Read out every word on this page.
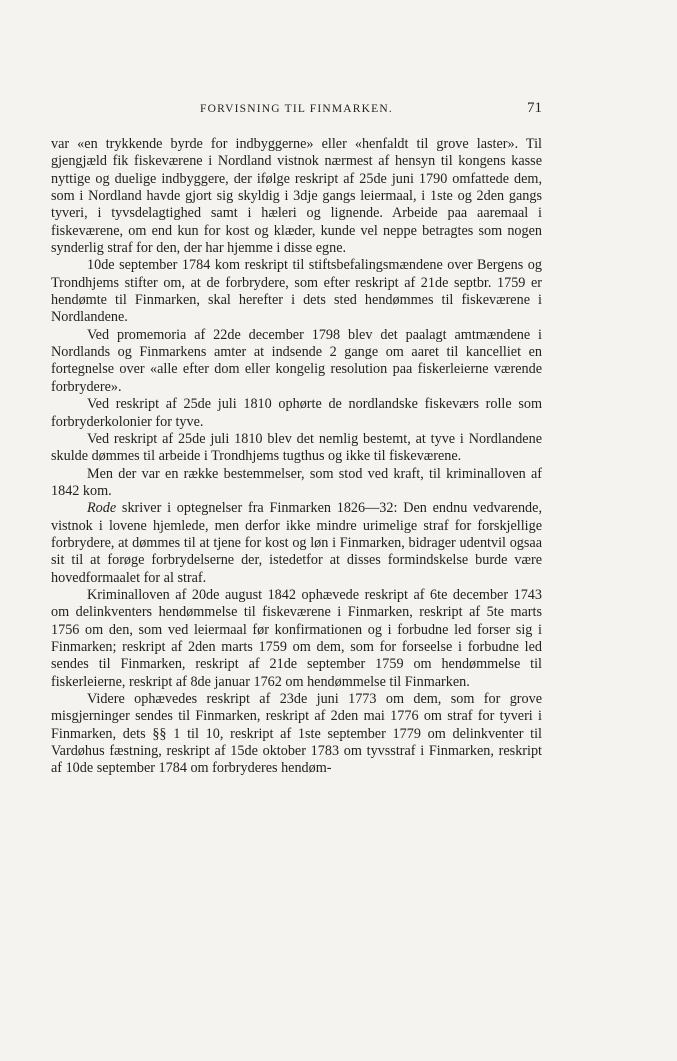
FORVISNING TIL FINMARKEN.	71

var «en trykkende byrde for indbyggerne» eller «henfaldt til grove laster». Til gjengjæld fik fiskeværene i Nordland vistnok nærmest af hensyn til kongens kasse nyttige og duelige indbyggere, der ifølge reskript af 25de juni 1790 omfattede dem, som i Nordland havde gjort sig skyldig i 3dje gangs leiermaal, i 1ste og 2den gangs tyveri, i tyvsdelagtighed samt i hæleri og lignende. Arbeide paa aaremaal i fiskeværene, om end kun for kost og klæder, kunde vel neppe betragtes som nogen synderlig straf for den, der har hjemme i disse egne.

10de september 1784 kom reskript til stiftsbefalingsmændene over Bergens og Trondhjems stifter om, at de forbrydere, som efter reskript af 21de septbr. 1759 er hendømte til Finmarken, skal herefter i dets sted hendømmes til fiskeværene i Nordlandene.

Ved promemoria af 22de december 1798 blev det paalagt amtmændene i Nordlands og Finmarkens amter at indsende 2 gange om aaret til kancelliet en fortegnelse over «alle efter dom eller kongelig resolution paa fiskerleierne værende forbrydere».

Ved reskript af 25de juli 1810 ophørte de nordlandske fiskeværs rolle som forbryderkolonier for tyve.

Ved reskript af 25de juli 1810 blev det nemlig bestemt, at tyve i Nordlandene skulde dømmes til arbeide i Trondhjems tugthus og ikke til fiskeværene.

Men der var en række bestemmelser, som stod ved kraft, til kriminalloven af 1842 kom.

Rode skriver i optegnelser fra Finmarken 1826—32: Den endnu vedvarende, vistnok i lovene hjemlede, men derfor ikke mindre urimelige straf for forskjellige forbrydere, at dømmes til at tjene for kost og løn i Finmarken, bidrager udentvil ogsaa sit til at forøge forbrydelserne der, istedetfor at disses formindskelse burde være hovedformaalet for al straf.

Kriminalloven af 20de august 1842 ophævede reskript af 6te december 1743 om delinkventers hendømmelse til fiskeværene i Finmarken, reskript af 5te marts 1756 om den, som ved leiermaal før konfirmationen og i forbudne led forser sig i Finmarken; reskript af 2den marts 1759 om dem, som for forseelse i forbudne led sendes til Finmarken, reskript af 21de september 1759 om hendømmelse til fiskerleierne, reskript af 8de januar 1762 om hendømmelse til Finmarken.

Videre ophævedes reskript af 23de juni 1773 om dem, som for grove misgjerninger sendes til Finmarken, reskript af 2den mai 1776 om straf for tyveri i Finmarken, dets §§ 1 til 10, reskript af 1ste september 1779 om delinkventer til Vardøhus fæstning, reskript af 15de oktober 1783 om tyvsstraf i Finmarken, reskript af 10de september 1784 om forbryderes hendøm-
